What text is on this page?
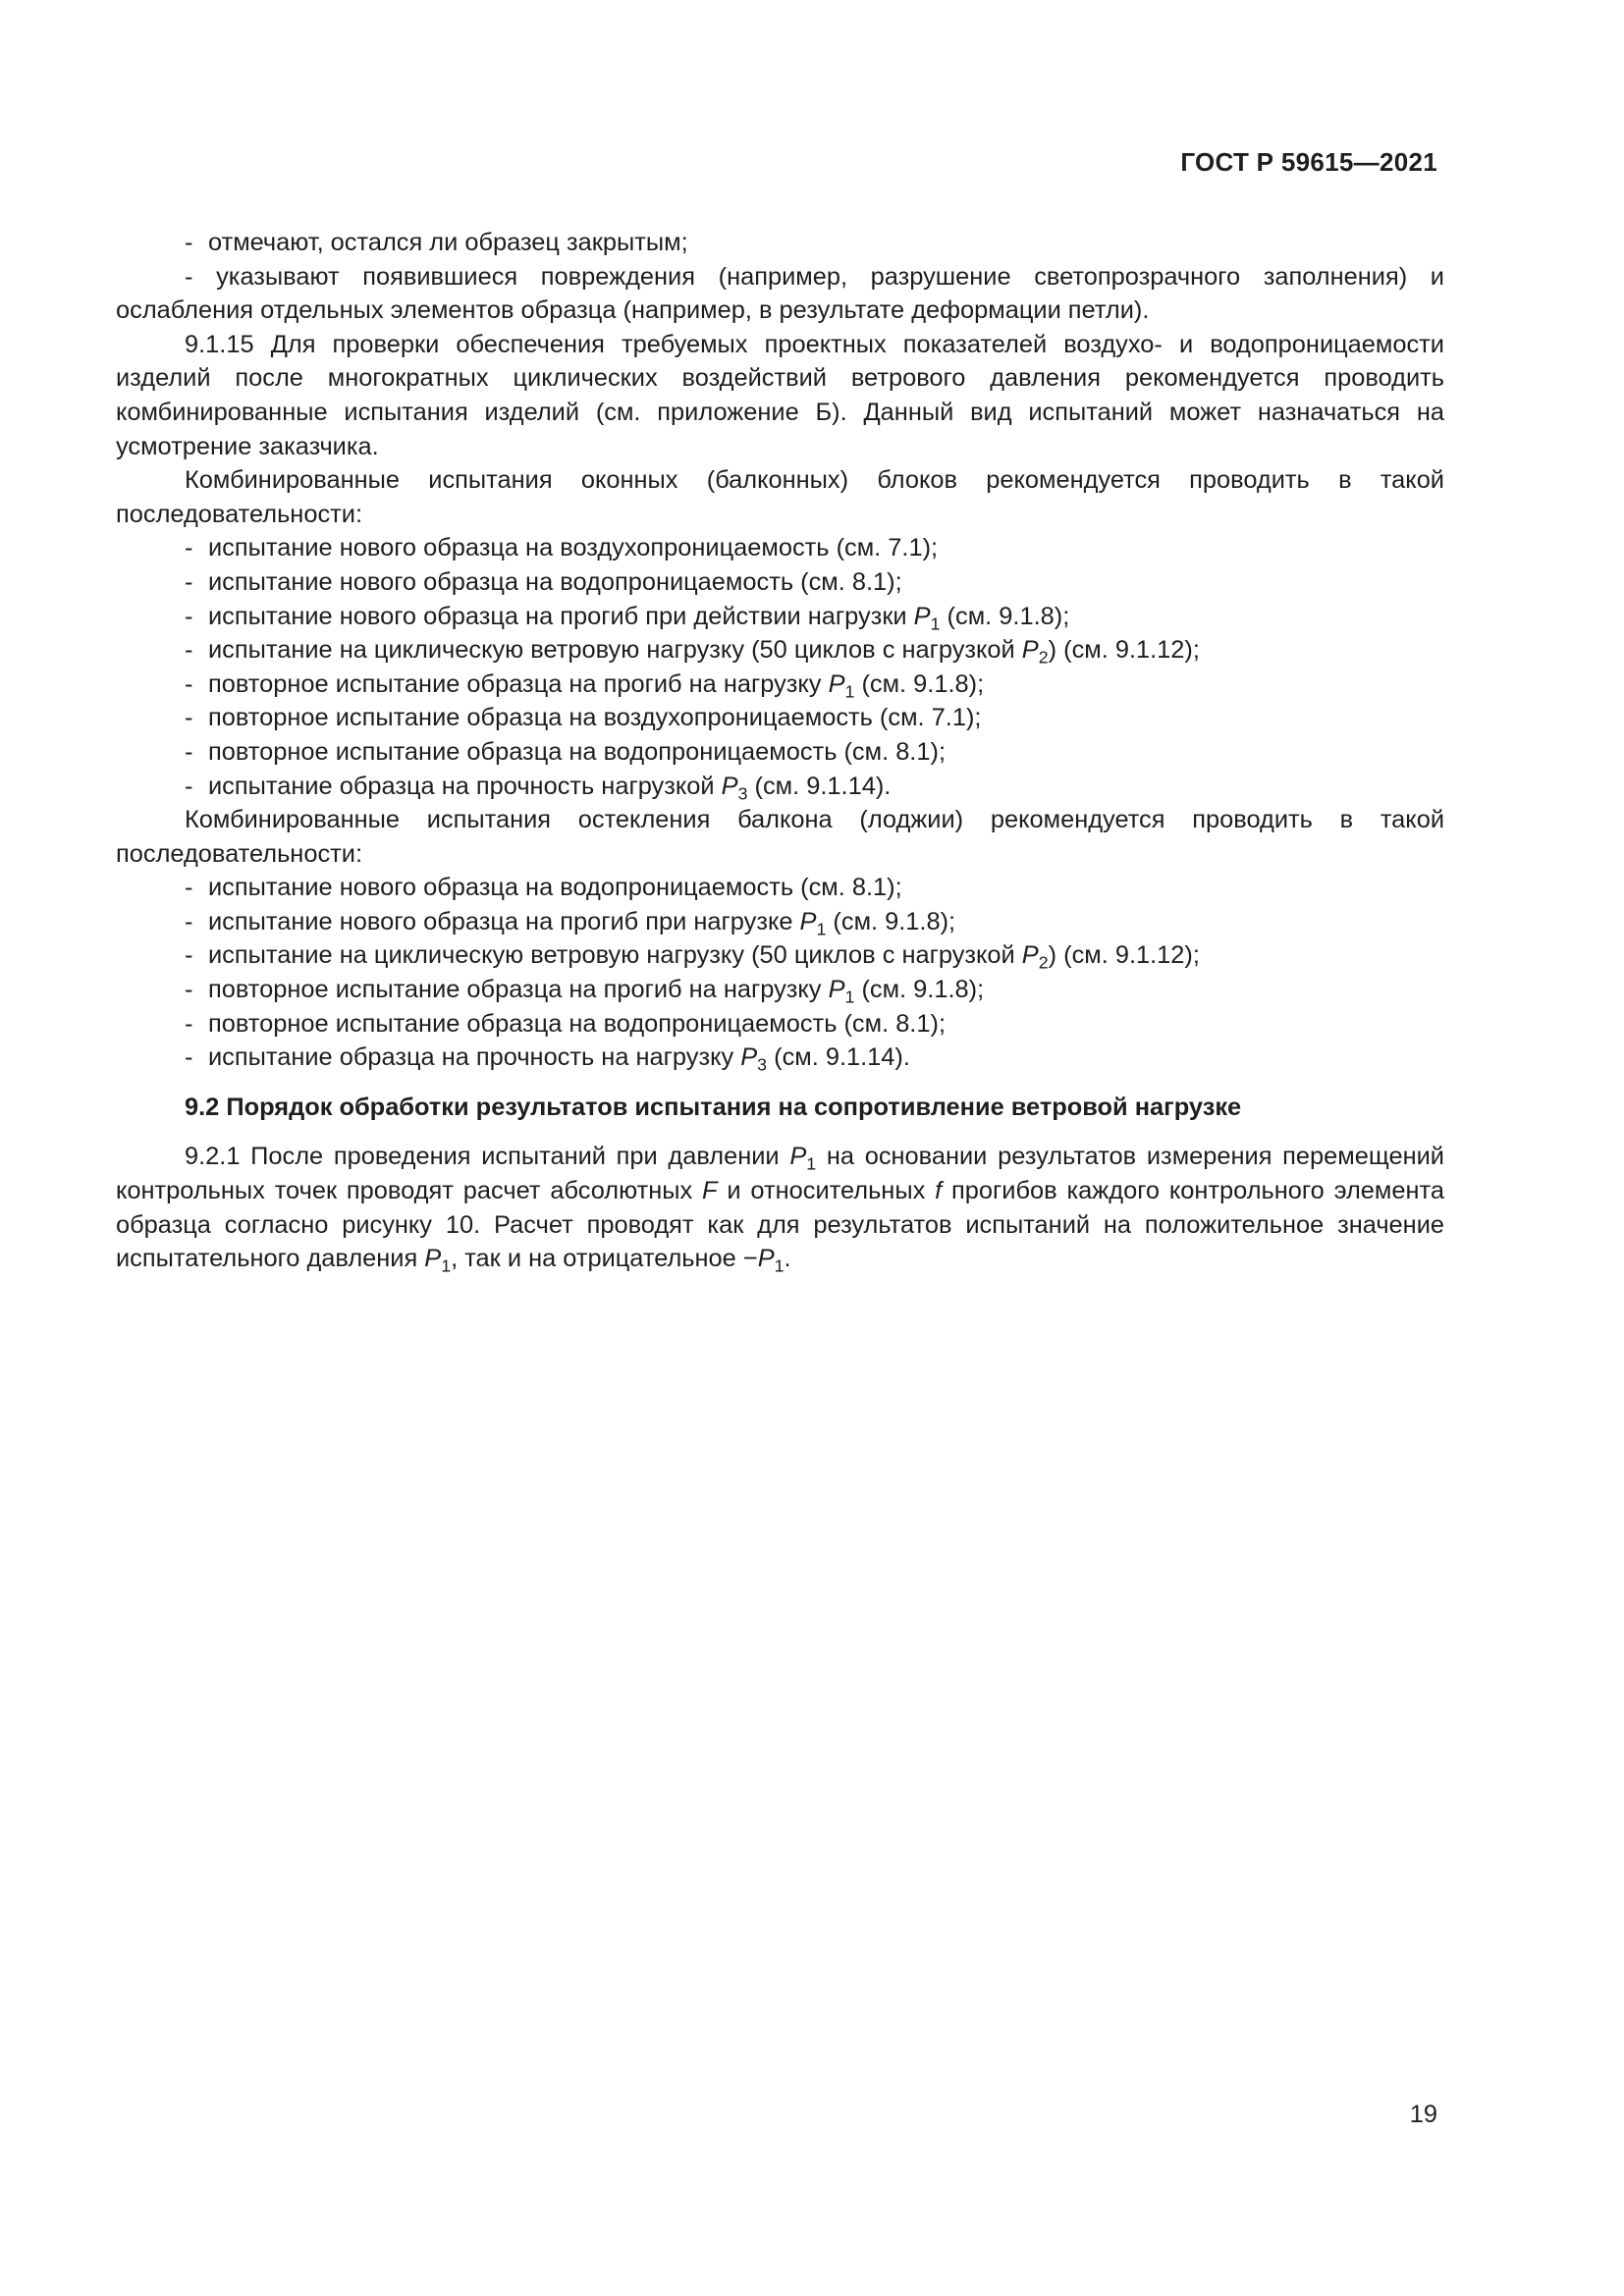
ГОСТ Р 59615—2021

- отмечают, остался ли образец закрытым;

- указывают появившиеся повреждения (например, разрушение светопрозрачного заполнения) и ослабления отдельных элементов образца (например, в результате деформации петли).

9.1.15 Для проверки обеспечения требуемых проектных показателей воздухо- и водопроницаемости изделий после многократных циклических воздействий ветрового давления рекомендуется проводить комбинированные испытания изделий (см. приложение Б). Данный вид испытаний может назначаться на усмотрение заказчика.

Комбинированные испытания оконных (балконных) блоков рекомендуется проводить в такой последовательности:

- испытание нового образца на воздухопроницаемость (см. 7.1);

- испытание нового образца на водопроницаемость (см. 8.1);

- испытание нового образца на прогиб при действии нагрузки $P_1$ (см. 9.1.8);

- испытание на циклическую ветровую нагрузку (50 циклов с нагрузкой $P_2$) (см. 9.1.12);

- повторное испытание образца на прогиб на нагрузку $P_1$ (см. 9.1.8);

- повторное испытание образца на воздухопроницаемость (см. 7.1);

- повторное испытание образца на водопроницаемость (см. 8.1);

- испытание образца на прочность нагрузкой $P_3$ (см. 9.1.14).

Комбинированные испытания остекления балкона (лоджии) рекомендуется проводить в такой последовательности:

- испытание нового образца на водопроницаемость (см. 8.1);

- испытание нового образца на прогиб при нагрузке $P_1$ (см. 9.1.8);

- испытание на циклическую ветровую нагрузку (50 циклов с нагрузкой $P_2$) (см. 9.1.12);

- повторное испытание образца на прогиб на нагрузку $P_1$ (см. 9.1.8);

- повторное испытание образца на водопроницаемость (см. 8.1);

- испытание образца на прочность на нагрузку $P_3$ (см. 9.1.14).

9.2 Порядок обработки результатов испытания на сопротивление ветровой нагрузке

9.2.1 После проведения испытаний при давлении $P_1$ на основании результатов измерения перемещений контрольных точек проводят расчет абсолютных F и относительных f прогибов каждого контрольного элемента образца согласно рисунку 10. Расчет проводят как для результатов испытаний на положительное значение испытательного давления $P_1$, так и на отрицательное $-P_1$.

19
